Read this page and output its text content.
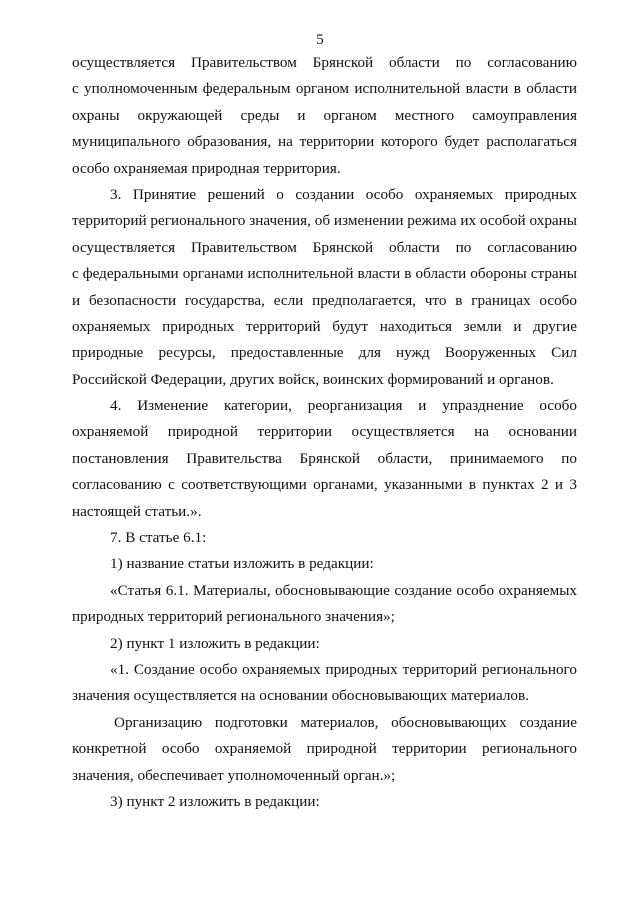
5
осуществляется Правительством Брянской области по согласованию
с уполномоченным федеральным органом исполнительной власти в области
охраны окружающей среды и органом местного самоуправления
муниципального образования, на территории которого будет располагаться
особо охраняемая природная территория.
3. Принятие решений о создании особо охраняемых природных
территорий регионального значения, об изменении режима их особой охраны
осуществляется Правительством Брянской области по согласованию
с федеральными органами исполнительной власти в области обороны страны
и безопасности государства, если предполагается, что в границах особо
охраняемых природных территорий будут находиться земли и другие
природные ресурсы, предоставленные для нужд Вооруженных Сил
Российской Федерации, других войск, воинских формирований и органов.
4. Изменение категории, реорганизация и упразднение особо
охраняемой природной территории осуществляется на основании
постановления Правительства Брянской области, принимаемого по
согласованию с соответствующими органами, указанными в пунктах 2 и 3
настоящей статьи.».
7. В статье 6.1:
1) название статьи изложить в редакции:
«Статья 6.1. Материалы, обосновывающие создание особо охраняемых
природных территорий регионального значения»;
2) пункт 1 изложить в редакции:
«1. Создание особо охраняемых природных территорий регионального
значения осуществляется на основании обосновывающих материалов.
Организацию подготовки материалов, обосновывающих создание
конкретной особо охраняемой природной территории регионального
значения, обеспечивает уполномоченный орган.»;
3) пункт 2 изложить в редакции:
